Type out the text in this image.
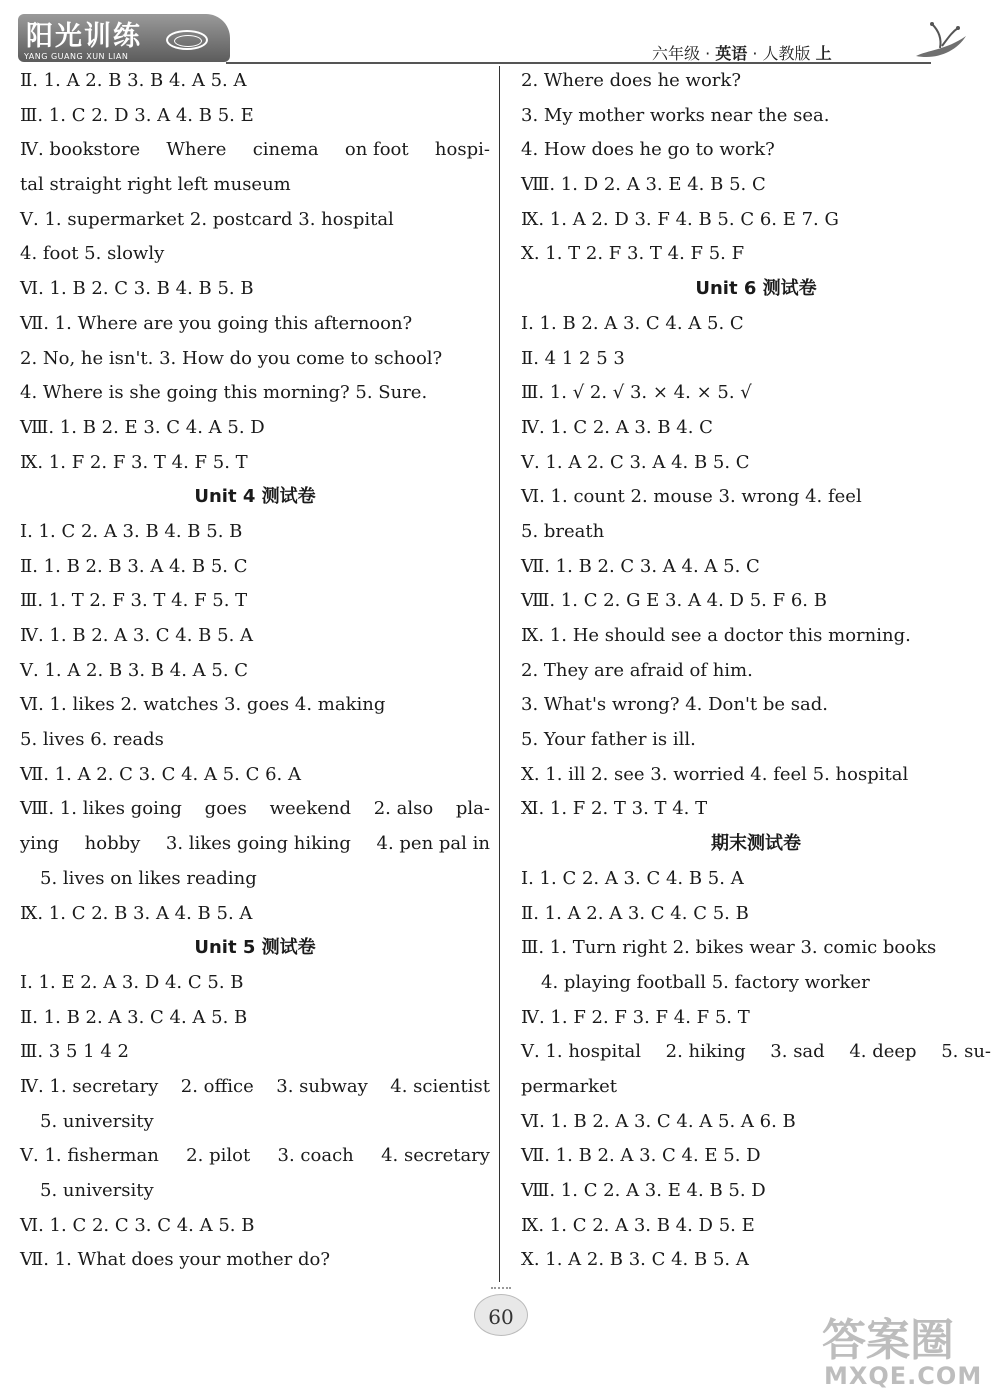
阳光训练
YANG GUANG XUN LIAN	六年级 · 英语 · 人教版 上
Ⅱ. 1. A 2. B 3. B 4. A 5. A
Ⅲ. 1. C 2. D 3. A 4. B 5. E
Ⅳ. bookstore Where cinema on foot hospi-
tal straight right left museum
Ⅴ. 1. supermarket 2. postcard 3. hospital
4. foot 5. slowly
Ⅵ. 1. B 2. C 3. B 4. B 5. B
Ⅶ. 1. Where are you going this afternoon?
2. No, he isn't. 3. How do you come to school?
4. Where is she going this morning? 5. Sure.
Ⅷ. 1. B 2. E 3. C 4. A 5. D
Ⅸ. 1. F 2. F 3. T 4. F 5. T
Unit 4 测试卷
Ⅰ. 1. C 2. A 3. B 4. B 5. B
Ⅱ. 1. B 2. B 3. A 4. B 5. C
Ⅲ. 1. T 2. F 3. T 4. F 5. T
Ⅳ. 1. B 2. A 3. C 4. B 5. A
Ⅴ. 1. A 2. B 3. B 4. A 5. C
Ⅵ. 1. likes 2. watches 3. goes 4. making
5. lives 6. reads
Ⅶ. 1. A 2. C 3. C 4. A 5. C 6. A
Ⅷ. 1. likes going goes weekend 2. also pla-
ying hobby 3. likes going hiking 4. pen pal in
5. lives on likes reading
Ⅸ. 1. C 2. B 3. A 4. B 5. A
Unit 5 测试卷
Ⅰ. 1. E 2. A 3. D 4. C 5. B
Ⅱ. 1. B 2. A 3. C 4. A 5. B
Ⅲ. 3 5 1 4 2
Ⅳ. 1. secretary 2. office 3. subway 4. scientist
5. university
Ⅴ. 1. fisherman 2. pilot 3. coach 4. secretary
5. university
Ⅵ. 1. C 2. C 3. C 4. A 5. B
Ⅶ. 1. What does your mother do?
2. Where does he work?
3. My mother works near the sea.
4. How does he go to work?
Ⅷ. 1. D 2. A 3. E 4. B 5. C
Ⅸ. 1. A 2. D 3. F 4. B 5. C 6. E 7. G
Ⅹ. 1. T 2. F 3. T 4. F 5. F
Unit 6 测试卷
Ⅰ. 1. B 2. A 3. C 4. A 5. C
Ⅱ. 4 1 2 5 3
Ⅲ. 1. √ 2. √ 3. × 4. × 5. √
Ⅳ. 1. C 2. A 3. B 4. C
Ⅴ. 1. A 2. C 3. A 4. B 5. C
Ⅵ. 1. count 2. mouse 3. wrong 4. feel
5. breath
Ⅶ. 1. B 2. C 3. A 4. A 5. C
Ⅷ. 1. C 2. G E 3. A 4. D 5. F 6. B
Ⅸ. 1. He should see a doctor this morning.
2. They are afraid of him.
3. What's wrong? 4. Don't be sad.
5. Your father is ill.
Ⅹ. 1. ill 2. see 3. worried 4. feel 5. hospital
Ⅺ. 1. F 2. T 3. T 4. T
期末测试卷
Ⅰ. 1. C 2. A 3. C 4. B 5. A
Ⅱ. 1. A 2. A 3. C 4. C 5. B
Ⅲ. 1. Turn right 2. bikes wear 3. comic books
4. playing football 5. factory worker
Ⅳ. 1. F 2. F 3. F 4. F 5. T
Ⅴ. 1. hospital 2. hiking 3. sad 4. deep 5. su-
permarket
Ⅵ. 1. B 2. A 3. C 4. A 5. A 6. B
Ⅶ. 1. B 2. A 3. C 4. E 5. D
Ⅷ. 1. C 2. A 3. E 4. B 5. D
Ⅸ. 1. C 2. A 3. B 4. D 5. E
Ⅹ. 1. A 2. B 3. C 4. B 5. A
60	答案圈
MXQE.COM
